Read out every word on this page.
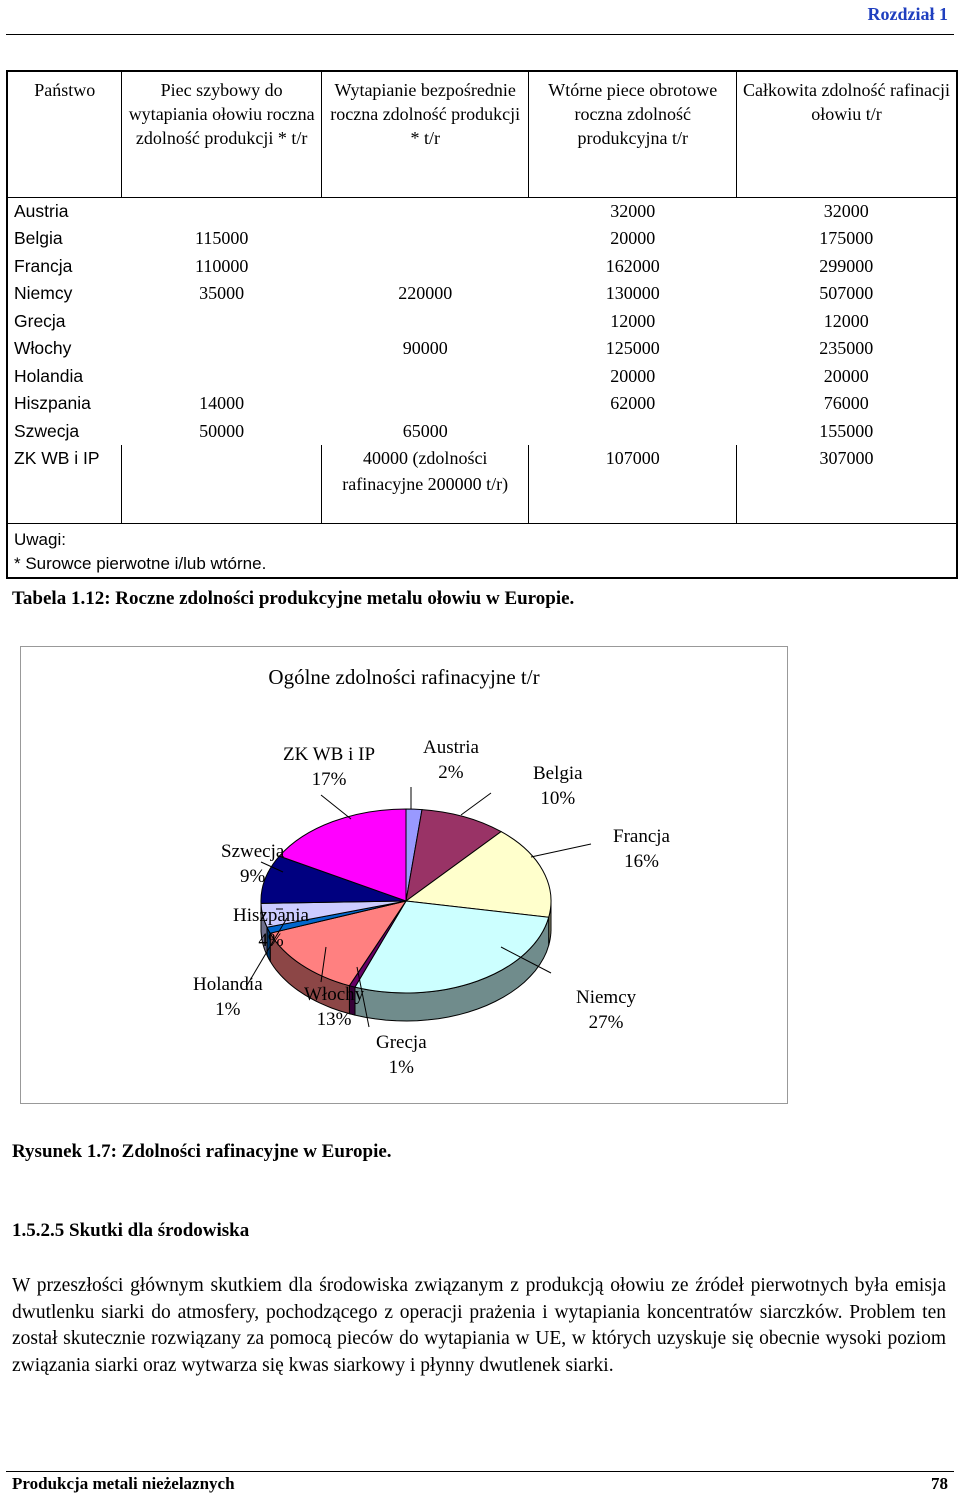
Rozdział 1
Państwo	Piec szybowy do wytapiania ołowiu roczna zdolność produkcji * t/r	Wytapianie bezpośrednie roczna zdolność produkcji * t/r	Wtórne piece obrotowe roczna zdolność produkcyjna t/r	Całkowita zdolność rafinacji ołowiu t/r
Austria			32000	32000
Belgia	115000		20000	175000
Francja	110000		162000	299000
Niemcy	35000	220000	130000	507000
Grecja			12000	12000
Włochy		90000	125000	235000
Holandia			20000	20000
Hiszpania	14000		62000	76000
Szwecja	50000	65000		155000
ZK WB i IP		40000 (zdolności rafinacyjne 200000 t/r)	107000	307000

Uwagi:
* Surowce pierwotne i/lub wtórne.				
Tabela 1.12: Roczne zdolności produkcyjne metalu ołowiu w Europie.
Ogólne zdolności rafinacyjne t/r
Austria
2%	Belgia
10%
Francja
16%
Niemcy
27%
Grecja
1%
Włochy
13%
Holandia
1%
Hiszpania
4%
Szwecja
9%
ZK WB i IP
17%
Rysunek 1.7: Zdolności rafinacyjne w Europie.
1.5.2.5 Skutki dla środowiska
W przeszłości głównym skutkiem dla środowiska związanym z produkcją ołowiu ze źródeł pierwotnych była emisja dwutlenku siarki do atmosfery, pochodzącego z operacji prażenia i wytapiania koncentratów siarczków. Problem ten został skutecznie rozwiązany za pomocą pieców do wytapiania w UE, w których uzyskuje się obecnie wysoki poziom związania siarki oraz wytwarza się kwas siarkowy i płynny dwutlenek siarki.
Produkcja metali nieżelaznych	78
